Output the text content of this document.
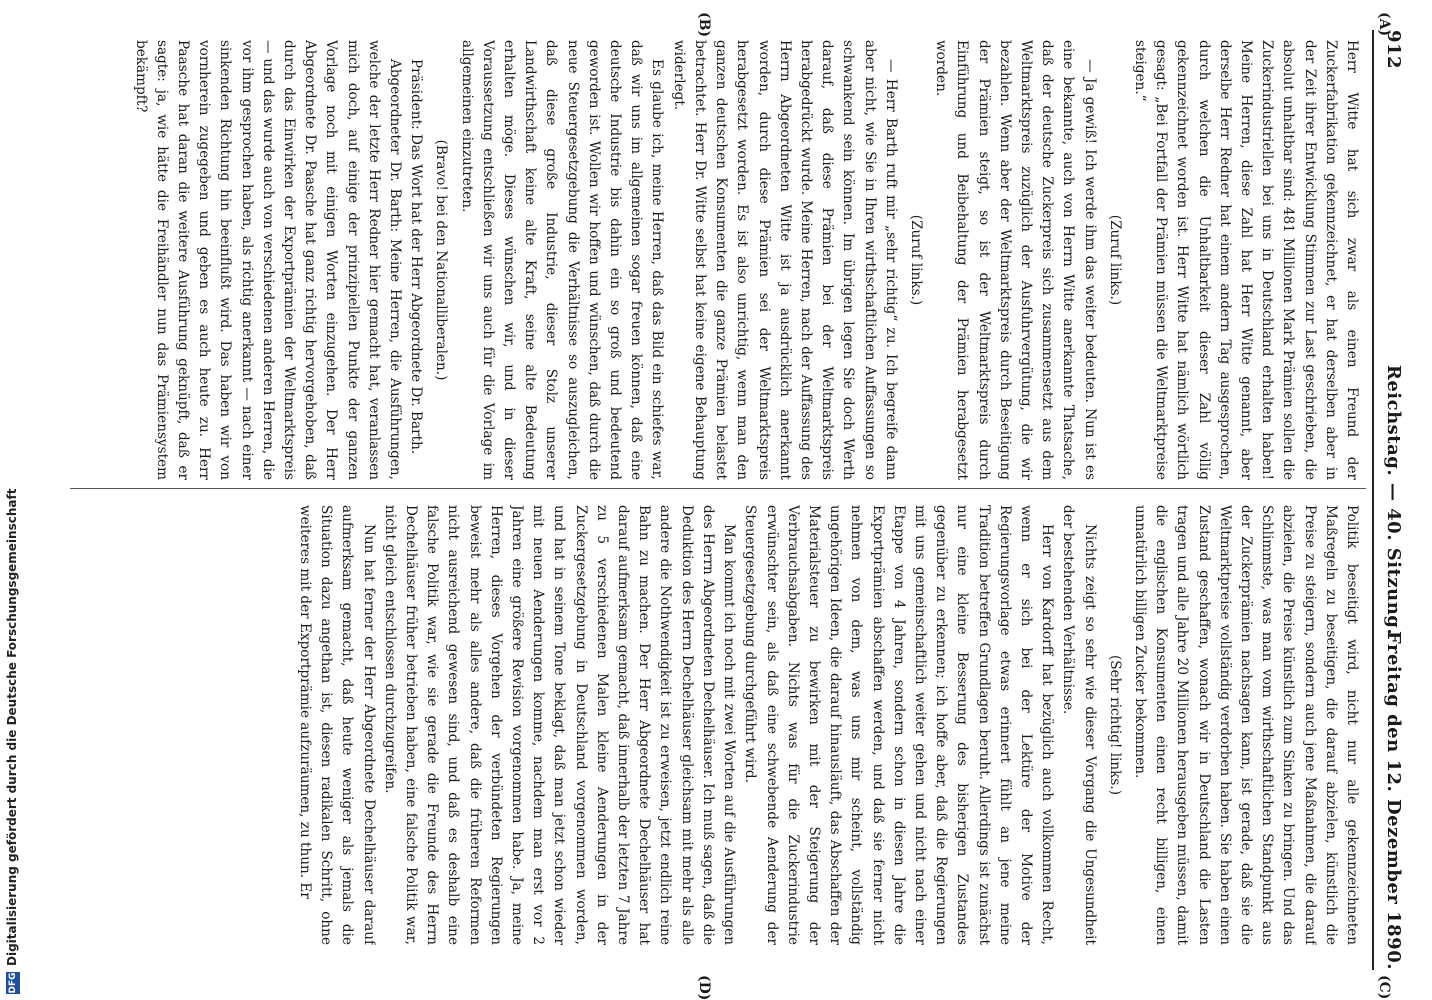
912
Reichstag. — 40. Sitzung.
Freitag den 12. Dezember 1890.
(A)
(B)
(C)
(D)

Herr Witte hat sich zwar als einen Freund der Zuckerfabrikation gekennzeichnet, er hat derselben aber in der Zeit ihrer Entwicklung Stimmen zur Last geschrieben, die absolut unhaltbar sind: 481 Millionen Mark Prämien sollen die Zuckerindustriellen bei uns in Deutschland erhalten haben! Meine Herren, diese Zahl hat Herr Witte genannt, aber derselbe Herr Redner hat einem andern Tag ausgesprochen, durch welchen die Unhaltbarkeit dieser Zahl völlig gekennzeichnet worden ist. Herr Witte hat nämlich wörtlich gesagt: „Bei Fortfall der Prämien müssen die Weltmarktpreise steigen.“

(Zuruf links.)

— Ja gewiß! Ich werde ihm das weiter bedeuten. Nun ist es eine bekannte, auch von Herrn Witte anerkannte Thatsache, daß der deutsche Zuckerpreis sich zusammensetzt aus dem Weltmarktspreis zuzüglich der Ausfuhrvergütung, die wir bezahlen. Wenn aber der Weltmarktspreis durch Beseitigung der Prämien steigt, so ist der Weltmarktspreis durch Einführung und Beibehaltung der Prämien herabgesetzt worden.

(Zuruf links.)

— Herr Barth ruft mir „sehr richtig“ zu. Ich begreife dann aber nicht, wie Sie in Ihren wirthschaftlichen Auffassungen so schwankend sein können. Im übrigen legen Sie doch Werth darauf, daß diese Prämien bei der Weltmarktspreis herabgedrückt wurde. Meine Herren, nach der Auffassung des Herrn Abgeordneten Witte ist ja ausdrücklich anerkannt worden, durch diese Prämien sei der Weltmarktspreis herabgesetzt worden. Es ist also unrichtig, wenn man den ganzen deutschen Konsumenten die ganze Prämien belastet betrachtet. Herr Dr. Witte selbst hat keine eigene Behauptung widerlegt.

Es glaube ich, meine Herren, daß das Bild ein schiefes war, daß wir uns im allgemeinen sogar freuen können, daß eine deutsche Industrie bis dahin ein so groß und bedeutend geworden ist. Wollen wir hoffen und wünschen, daß durch die neue Steuergesetzgebung die Verhältnisse so auszugleichen, daß diese große Industrie, dieser Stolz unserer Landwirthschaft keine alte Kraft, seine alte Bedeutung erhalten möge. Dieses wünschen wir, und in dieser Voraussetzung entschließen wir uns auch für die Vorlage im allgemeinen einzutreten.

(Bravo! bei den Nationalliberalen.)

Präsident: Das Wort hat der Herr Abgeordnete Dr. Barth.

Abgeordneter Dr. Barth: Meine Herren, die Ausführungen, welche der letzte Herr Redner hier gemacht hat, veranlassen mich doch, auf einige der prinzipiellen Punkte der ganzen Vorlage noch mit einigen Worten einzugehen. Der Herr Abgeordnete Dr. Paasche hat ganz richtig hervorgehoben, daß durch das Einwirken der Exportprämien der Weltmarktspreis — und das wurde auch von verschiedenen anderen Herren, die vor ihm gesprochen haben, als richtig anerkannt — nach einer sinkenden Richtung hin beeinflußt wird. Das haben wir von vornherein zugegeben und geben es auch heute zu. Herr Paasche hat daran die weitere Ausführung geknüpft, daß er sagte: ja, wie hätte die Freihändler nun das Prämiensystem bekämpft?

Politik beseitigt wird, nicht nur alle gekennzeichneten Maßregeln zu beseitigen, die darauf abzielen, künstlich die Preise zu steigern, sondern auch jene Maßnahmen, die darauf abzielen, die Preise künstlich zum Sinken zu bringen. Und das Schlimmste, was man vom wirthschaftlichen Standpunkt aus der Zuckerprämien nachsagen kann, ist gerade, daß sie die Weltmarktpreise vollständig verdorben haben. Sie haben einen Zustand geschaffen, wonach wir in Deutschland die Lasten tragen und alle Jahre 20 Millionen herausgeben müssen, damit die englischen Konsumenten einen recht billigen, einen unnatürlich billigen Zucker bekommen.

(Sehr richtig! links.)

Nichts zeigt so sehr wie dieser Vorgang die Ungesundheit der bestehenden Verhältnisse.

Herr von Kardorff hat bezüglich auch vollkommen Recht, wenn er sich bei der Lektüre der Motive der Regierungsvorlage etwas erinnert fühlt an jene meine Tradition betreffen Grundlagen beruht. Allerdings ist zunächst nur eine kleine Besserung des bisherigen Zustandes gegenüber zu erkennen; ich hoffe aber, daß die Regierungen mit uns gemeinschaftlich weiter gehen und nicht nach einer Etappe von 4 Jahren, sondern schon in diesen Jahre die Exportprämien abschaffen werden, und daß sie ferner nicht nehmen von dem, was uns mir scheint, vollständig ungehörigen Ideen, die darauf hinausläuft, das Abschaffen der Materialsteuer zu bewirken mit der Steigerung der Verbrauchsabgaben. Nichts was für die Zuckerindustrie erwünschter sein, als daß eine schwebende Aenderung der Steuergesetzgebung durchgeführt wird.

Man kommt ich noch mit zwei Worten auf die Ausführungen des Herrn Abgeordneten Dechelhäuser. Ich muß sagen, daß die Deduktion des Herrn Dechelhäuser gleichsam mit mehr als alle andere die Nothwendigkeit ist zu erweisen, jetzt endlich reine Bahn zu machen. Der Herr Abgeordnete Dechelhäuser hat darauf aufmerksam gemacht, daß innerhalb der letzten 7 Jahre zu 5 verschiedenen Malen kleine Aenderungen in der Zuckergesetzgebung in Deutschland vorgenommen worden, und hat in seinem Tone beklagt, daß man jetzt schon wieder mit neuen Aenderungen komme, nachdem man erst vor 2 Jahren eine größere Revision vorgenommen habe. Ja, meine Herren, dieses Vorgehen der verbündeten Regierungen beweist mehr als alles andere, daß die früheren Reformen nicht ausreichend gewesen sind, und daß es deshalb eine falsche Politik war, wie sie gerade die Freunde des Herrn Dechelhäuser früher betrieben haben, eine falsche Politik war, nicht gleich entschlossen durchzugreifen.

Nun hat ferner der Herr Abgeordnete Dechelhäuser darauf aufmerksam gemacht, daß heute weniger als jemals die Situation dazu angethan ist, diesen radikalen Schritt, ohne weiteres mit der Exportprämie aufzuräumen, zu thun. Er

DFG
Digitalisierung gefördert durch die Deutsche Forschungsgemeinschaft
